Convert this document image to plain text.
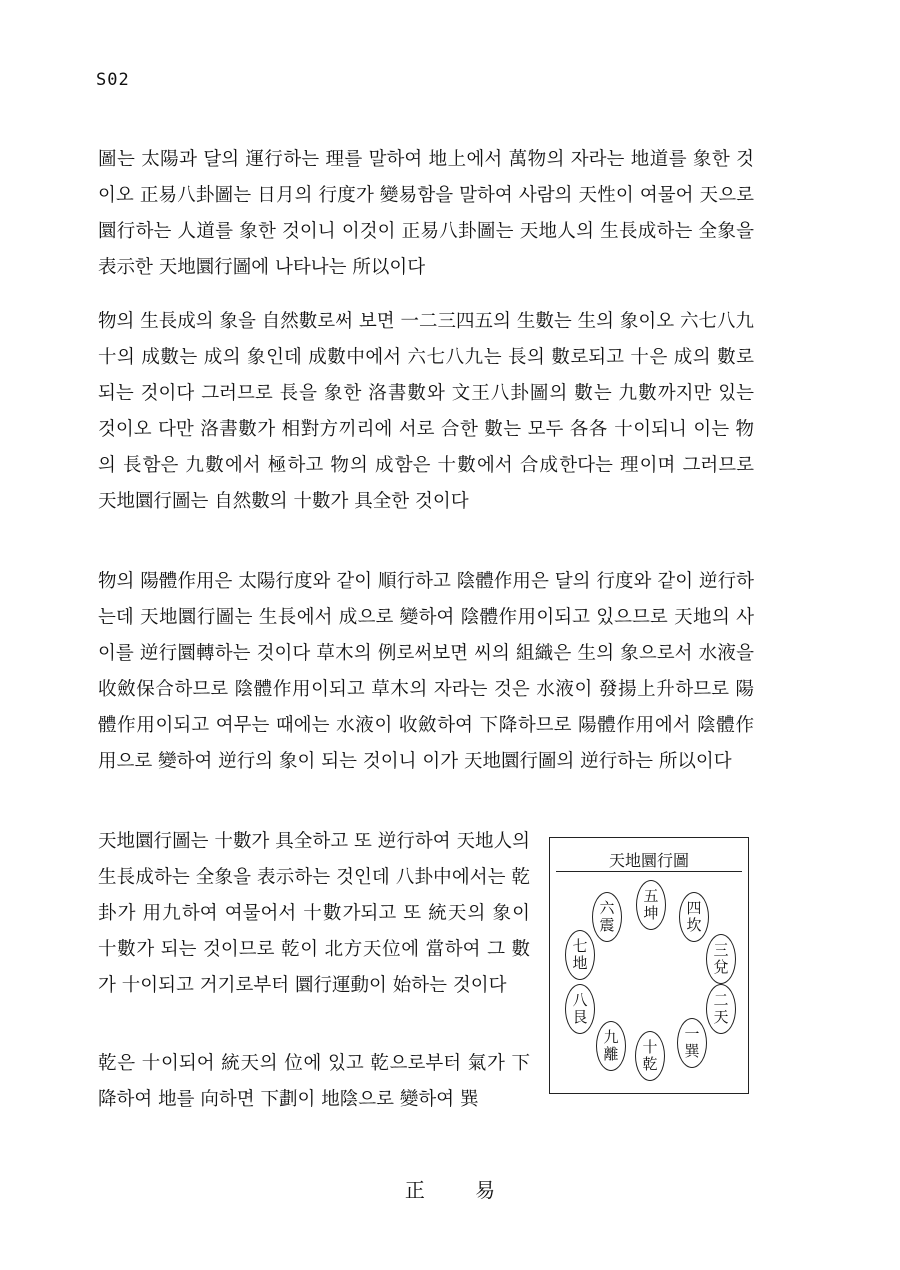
S02

圖는 太陽과 달의 運行하는 理를 말하여 地上에서 萬物의 자라는 地道를 象한 것이오 正易八卦圖는 日月의 行度가 變易함을 말하여 사람의 天性이 여물어 天으로 圜行하는 人道를 象한 것이니 이것이 正易八卦圖는 天地人의 生長成하는 全象을 表示한 天地圜行圖에 나타나는 所以이다

物의 生長成의 象을 自然數로써 보면 一二三四五의 生數는 生의 象이오 六七八九十의 成數는 成의 象인데 成數中에서 六七八九는 長의 數로되고 十은 成의 數로 되는 것이다 그러므로 長을 象한 洛書數와 文王八卦圖의 數는 九數까지만 있는 것이오 다만 洛書數가 相對方끼리에 서로 合한 數는 모두 各各 十이되니 이는 物의 長함은 九數에서 極하고 物의 成함은 十數에서 合成한다는 理이며 그러므로 天地圜行圖는 自然數의 十數가 具全한 것이다

物의 陽體作用은 太陽行度와 같이 順行하고 陰體作用은 달의 行度와 같이 逆行하는데 天地圜行圖는 生長에서 成으로 變하여 陰體作用이되고 있으므로 天地의 사이를 逆行圜轉하는 것이다 草木의 例로써보면 씨의 組織은 生의 象으로서 水液을 收斂保合하므로 陰體作用이되고 草木의 자라는 것은 水液이 發揚上升하므로 陽體作用이되고 여무는 때에는 水液이 收斂하여 下降하므로 陽體作用에서 陰體作用으로 變하여 逆行의 象이 되는 것이니 이가 天地圜行圖의 逆行하는 所以이다

天地圜行圖는 十數가 具全하고 또 逆行하여 天地人의 生長成하는 全象을 表示하는 것인데 八卦中에서는 乾卦가 用九하여 여물어서 十數가되고 또 統天의 象이 十數가 되는 것이므로 乾이 北方天位에 當하여 그 數가 十이되고 거기로부터 圜行運動이 始하는 것이다

乾은 十이되어 統天의 位에 있고 乾으로부터 氣가 下降하여 地를 向하면 下劃이 地陰으로 變하여 巽

天地圜行圖
五
坤 四
坎
三
兌
二
天
一
巽
十
乾
九
離
八
艮
七
地
六
震
正 易
